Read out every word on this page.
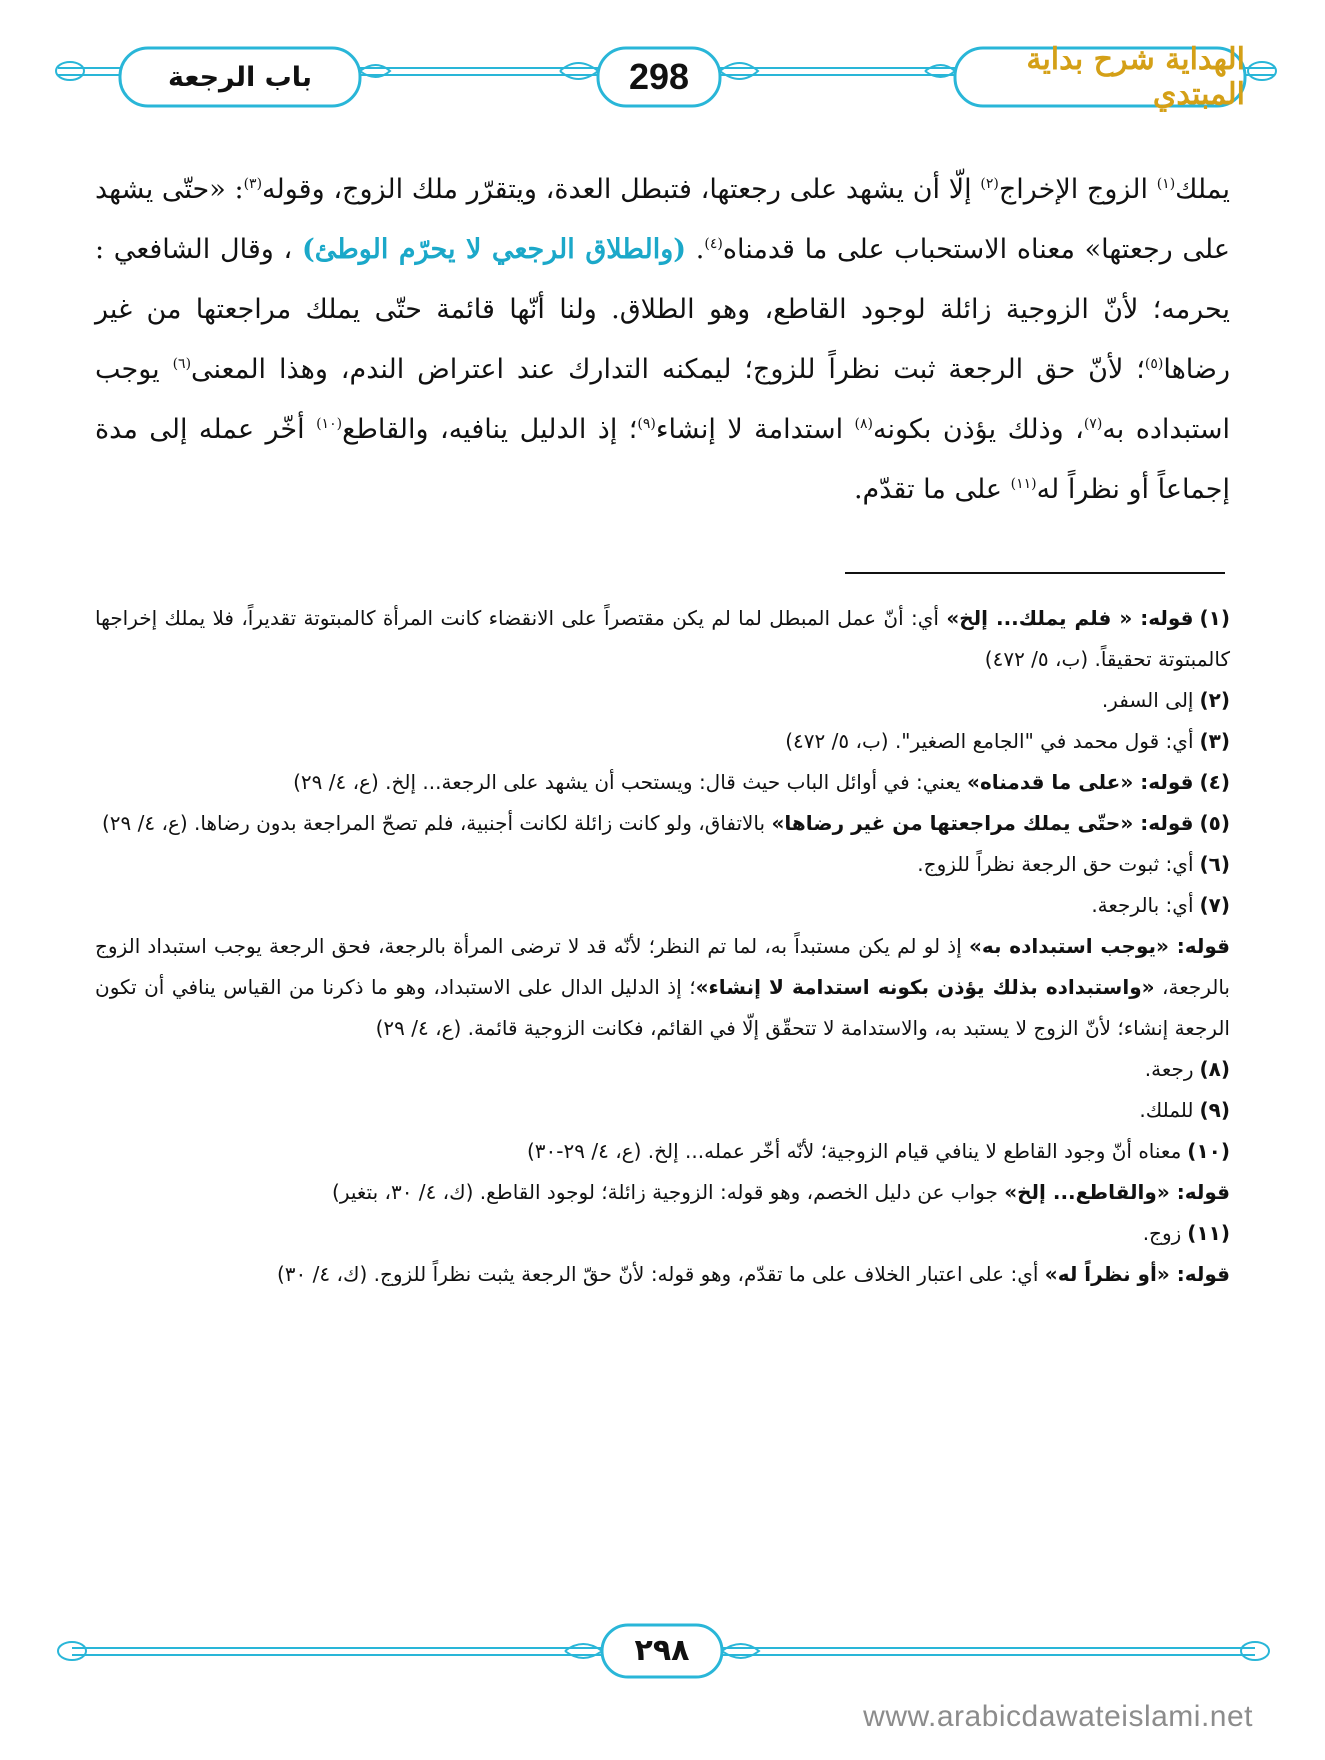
الهداية شرح بداية المبتدي
298
باب الرجعة

يملك$^{(١)}$ الزوج الإخراج$^{(٢)}$ إلّا أن يشهد على رجعتها، فتبطل العدة، ويتقرّر ملك الزوج، وقوله$^{(٣)}$: «حتّى يشهد على رجعتها» معناه الاستحباب على ما قدمناه$^{(٤)}$. (والطلاق الرجعي لا يحرّم الوطئ) ، وقال الشافعي : يحرمه؛ لأنّ الزوجية زائلة لوجود القاطع، وهو الطلاق. ولنا أنّها قائمة حتّى يملك مراجعتها من غير رضاها$^{(٥)}$؛ لأنّ حق الرجعة ثبت نظراً للزوج؛ ليمكنه التدارك عند اعتراض الندم، وهذا المعنى$^{(٦)}$ يوجب استبداده به$^{(٧)}$، وذلك يؤذن بكونه$^{(٨)}$ استدامة لا إنشاء$^{(٩)}$؛ إذ الدليل ينافيه، والقاطع$^{(١٠)}$ أخّر عمله إلى مدة إجماعاً أو نظراً له$^{(١١)}$ على ما تقدّم.

(١)قوله: « فلم يملك... إلخ» أي: أنّ عمل المبطل لما لم يكن مقتصراً على الانقضاء كانت المرأة كالمبتوتة تقديراً، فلا يملك إخراجها كالمبتوتة تحقيقاً. (ب، ٥/ ٤٧٢)

(٢)إلى السفر.

(٣)أي: قول محمد في "الجامع الصغير". (ب، ٥/ ٤٧٢)

(٤)قوله: «على ما قدمناه» يعني: في أوائل الباب حيث قال: ويستحب أن يشهد على الرجعة... إلخ. (ع، ٤/ ٢٩)

(٥)قوله: «حتّى يملك مراجعتها من غير رضاها» بالاتفاق، ولو كانت زائلة لكانت أجنبية، فلم تصحّ المراجعة بدون رضاها. (ع، ٤/ ٢٩)

(٦)أي: ثبوت حق الرجعة نظراً للزوج.

(٧)أي: بالرجعة.

قوله: «يوجب استبداده به» إذ لو لم يكن مستبداً به، لما تم النظر؛ لأنّه قد لا ترضى المرأة بالرجعة، فحق الرجعة يوجب استبداد الزوج بالرجعة، «واستبداده بذلك يؤذن بكونه استدامة لا إنشاء»؛ إذ الدليل الدال على الاستبداد، وهو ما ذكرنا من القياس ينافي أن تكون الرجعة إنشاء؛ لأنّ الزوج لا يستبد به، والاستدامة لا تتحقّق إلّا في القائم، فكانت الزوجية قائمة. (ع، ٤/ ٢٩)

(٨)رجعة.

(٩)للملك.

(١٠)معناه أنّ وجود القاطع لا ينافي قيام الزوجية؛ لأنّه أخّر عمله... إلخ. (ع، ٤/ ٢٩-٣٠)

قوله: «والقاطع... إلخ» جواب عن دليل الخصم، وهو قوله: الزوجية زائلة؛ لوجود القاطع. (ك، ٤/ ٣٠، بتغير)

(١١)زوج.

قوله: «أو نظراً له» أي: على اعتبار الخلاف على ما تقدّم، وهو قوله: لأنّ حقّ الرجعة يثبت نظراً للزوج. (ك، ٤/ ٣٠)

٢٩٨
www.arabicdawateislami.net
